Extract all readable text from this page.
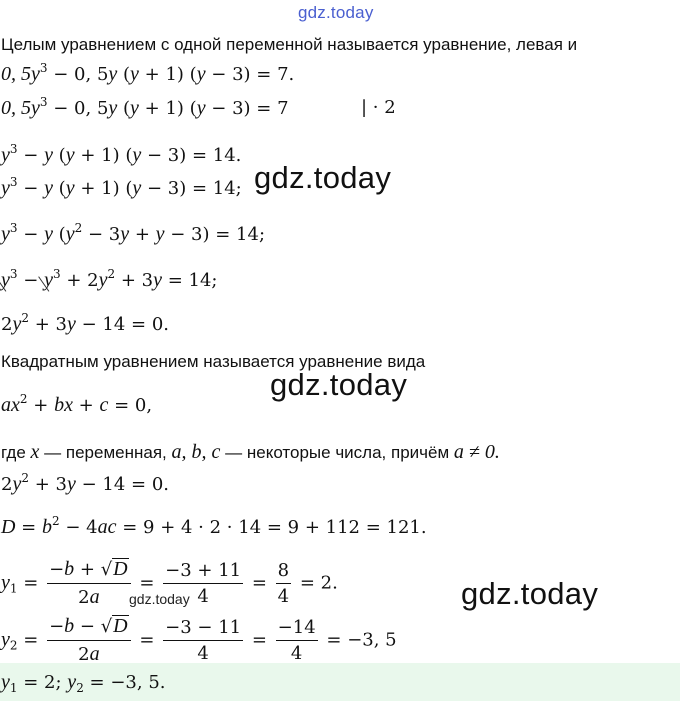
gdz.today
gdz.today
gdz.today
gdz.today
Целым уравнением с одной переменной называется уравнение, левая и
0, $5y^3 - 0$, 5y (y + 1) (y − 3) = 7.
0, $5y^3 - 0$, 5y (y + 1) (y − 3) = 7	| · 2
$y^3 - y$ (y + 1) (y − 3) = 14.
$y^3 - y$ (y + 1) (y − 3) = 14;
$y^3 - y$ $(y^2 - 3y + y - 3) = 14$;
$y^3 - y^3 + 2y^2 + 3y = 14$;
$2y^2 + 3y - 14 = 0$.
Квадратным уравнением называется уравнение вида
$ax^2$ + bx + c = 0,
где x — переменная, a, b, c — некоторые числа, причём a ≠ 0.
$2y^2 + 3y - 14 = 0$.
$D = b^2 - 4ac = 9 + 4 \cdot 2 \cdot 14 = 9 + 112 = 121$.
$y_1 = \frac{-b + √D}{2a} = \frac{-3 + 11}{4} = \frac{8}{4} = 2$.
gdz.today
$y_2 = \frac{-b - √D}{2a} = \frac{-3 - 11}{4} = \frac{-14}{4} = -3$, 5
$y_1 = 2$; $y_2 = -3$, 5.
